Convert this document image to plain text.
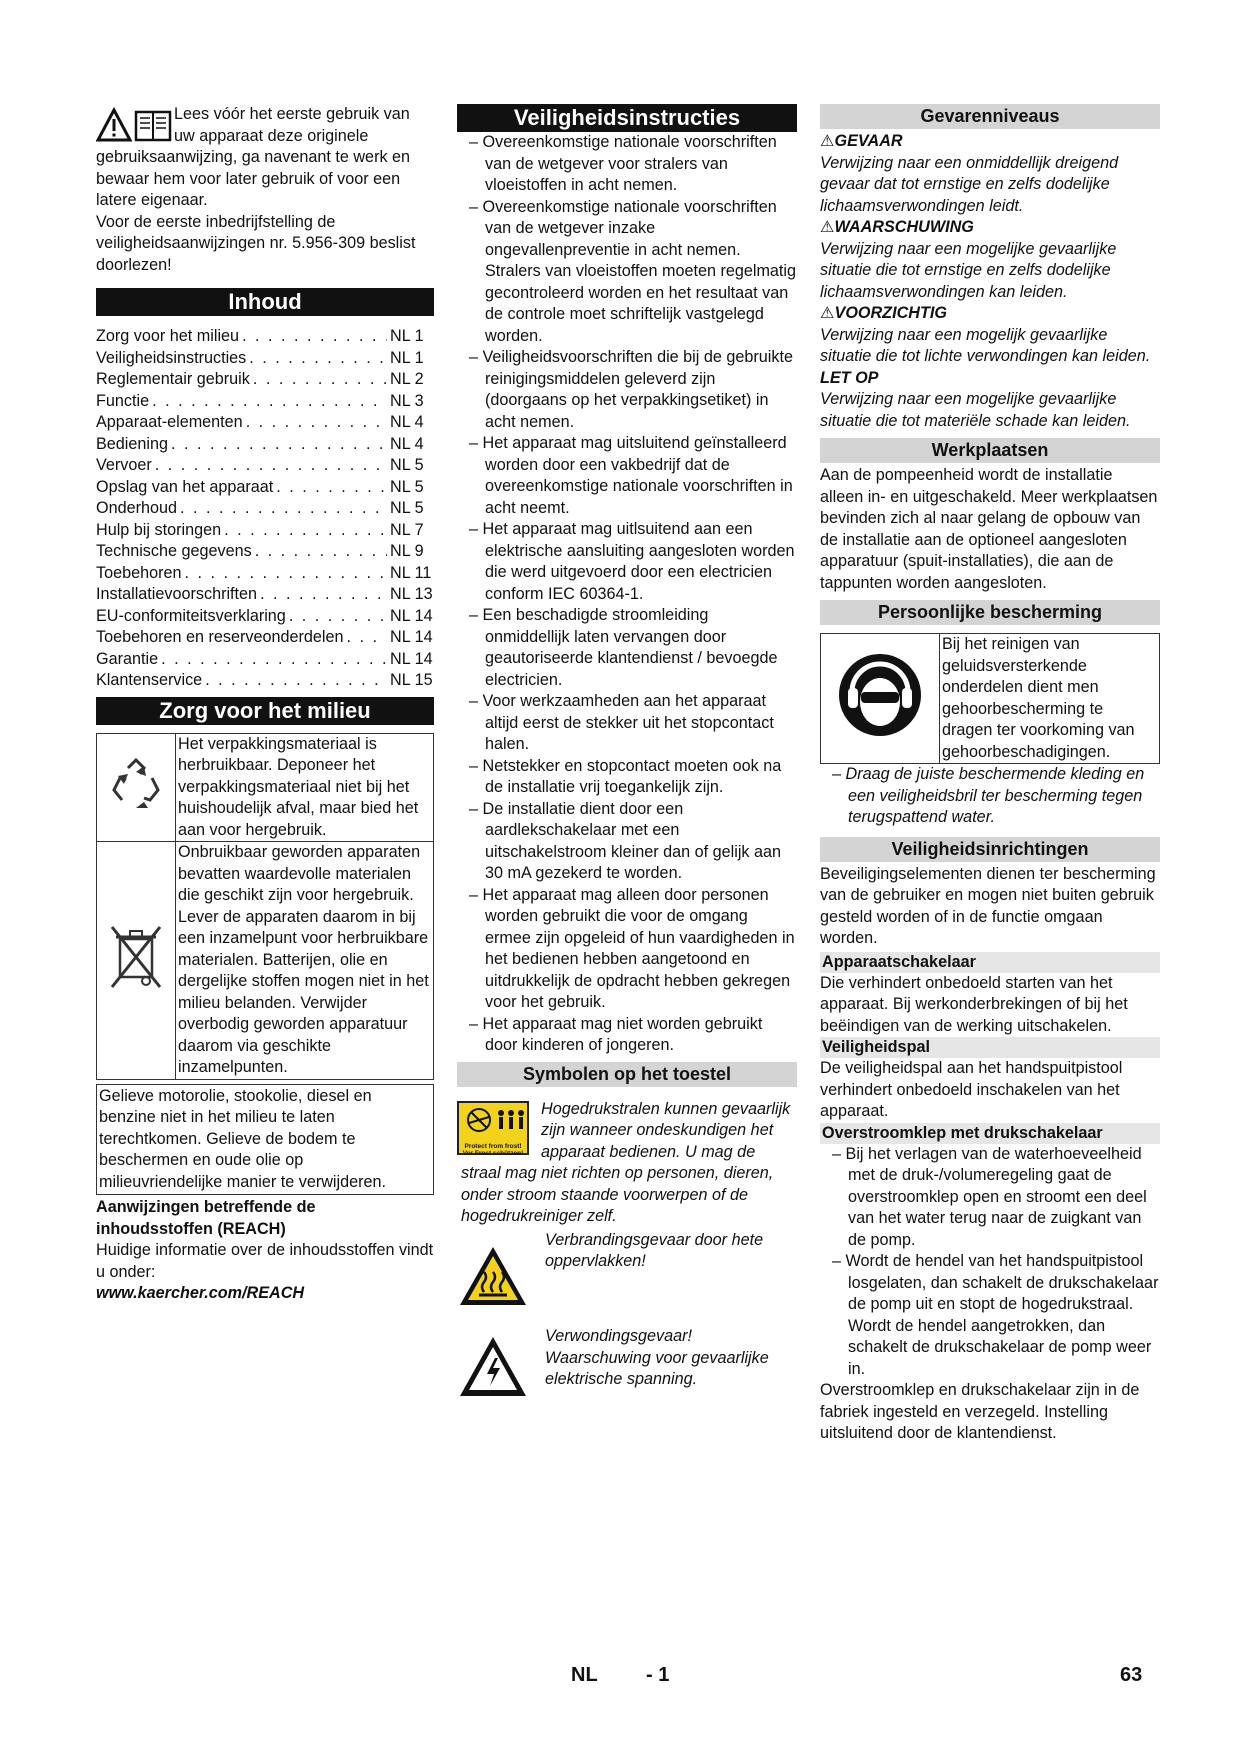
Lees vóór het eerste gebruik van uw apparaat deze originele gebruiksaanwijzing, ga navenant te werk en bewaar hem voor later gebruik of voor een latere eigenaar.

Voor de eerste inbedrijfstelling de veiligheidsaanwijzingen nr. 5.956-309 beslist doorlezen!

Inhoud
Zorg voor het milieu . . .	NL 1
Veiligheidsinstructies . . .	NL 1
Reglementair gebruik . . .	NL 2
Functie . . .	NL 3
Apparaat-elementen . . .	NL 4
Bediening . . .	NL 4
Vervoer . . .	NL 5
Opslag van het apparaat . . .	NL 5
Onderhoud . . .	NL 5
Hulp bij storingen . . .	NL 7
Technische gegevens . . .	NL 9
Toebehoren . . .	NL 11
Installatievoorschriften . . .	NL 13
EU-conformiteitsverklaring . . .	NL 14
Toebehoren en reserveonderdelen . . .	NL 14
Garantie . . .	NL 14
Klantenservice . . .	NL 15
Zorg voor het milieu
	Het verpakkingsmateriaal is herbruikbaar. Deponeer het verpakkingsmateriaal niet bij het huishoudelijk afval, maar bied het aan voor hergebruik.
	Onbruikbaar geworden apparaten bevatten waardevolle materialen die geschikt zijn voor hergebruik. Lever de apparaten daarom in bij een inzamelpunt voor herbruikbare materialen. Batterijen, olie en dergelijke stoffen mogen niet in het milieu belanden. Verwijder overbodig geworden apparatuur daarom via geschikte inzamelpunten.
Gelieve motorolie, stookolie, diesel en benzine niet in het milieu te laten terechtkomen. Gelieve de bodem te beschermen en oude olie op milieuvriendelijke manier te verwijderen.

Aanwijzingen betreffende de inhoudsstoffen (REACH)

Huidige informatie over de inhoudsstoffen vindt u onder:

www.kaercher.com/REACH

Veiligheidsinstructies

– Overeenkomstige nationale voorschriften van de wetgever voor stralers van vloeistoffen in acht nemen.

– Overeenkomstige nationale voorschriften van de wetgever inzake ongevallenpreventie in acht nemen. Stralers van vloeistoffen moeten regelmatig gecontroleerd worden en het resultaat van de controle moet schriftelijk vastgelegd worden.

– Veiligheidsvoorschriften die bij de gebruikte reinigingsmiddelen geleverd zijn (doorgaans op het verpakkingsetiket) in acht nemen.

– Het apparaat mag uitsluitend geïnstalleerd worden door een vakbedrijf dat de overeenkomstige nationale voorschriften in acht neemt.

– Het apparaat mag uitlsuitend aan een elektrische aansluiting aangesloten worden die werd uitgevoerd door een electricien conform IEC 60364-1.

– Een beschadigde stroomleiding onmiddellijk laten vervangen door geautoriseerde klantendienst / bevoegde electricien.

– Voor werkzaamheden aan het apparaat altijd eerst de stekker uit het stopcontact halen.

– Netstekker en stopcontact moeten ook na de installatie vrij toegankelijk zijn.

– De installatie dient door een aardlekschakelaar met een uitschakelstroom kleiner dan of gelijk aan 30 mA gezekerd te worden.

– Het apparaat mag alleen door personen worden gebruikt die voor de omgang ermee zijn opgeleid of hun vaardigheden in het bedienen hebben aangetoond en uitdrukkelijk de opdracht hebben gekregen voor het gebruik.

– Het apparaat mag niet worden gebruikt door kinderen of jongeren.

Symbolen op het toestel
Protect from frost! Vor Frost schützen!

Hogedrukstralen kunnen gevaarlijk zijn wanneer ondeskundigen het apparaat bedienen. U mag de straal mag niet richten op personen, dieren, onder stroom staande voorwerpen of de hogedrukreiniger zelf.

Verbrandingsgevaar door hete oppervlakken!

Verwondingsgevaar! Waarschuwing voor gevaarlijke elektrische spanning.

Gevarenniveaus

⚠GEVAAR

Verwijzing naar een onmiddellijk dreigend gevaar dat tot ernstige en zelfs dodelijke lichaamsverwondingen leidt.

⚠WAARSCHUWING

Verwijzing naar een mogelijke gevaarlijke situatie die tot ernstige en zelfs dodelijke lichaamsverwondingen kan leiden.

⚠VOORZICHTIG

Verwijzing naar een mogelijk gevaarlijke situatie die tot lichte verwondingen kan leiden.

LET OP

Verwijzing naar een mogelijke gevaarlijke situatie die tot materiële schade kan leiden.

Werkplaatsen

Aan de pompeenheid wordt de installatie alleen in- en uitgeschakeld. Meer werkplaatsen bevinden zich al naar gelang de opbouw van de installatie aan de optioneel aangesloten apparatuur (spuit-installaties), die aan de tappunten worden aangesloten.

Persoonlijke bescherming
	Bij het reinigen van geluidsversterkende onderdelen dient men gehoorbescherming te dragen ter voorkoming van gehoorbeschadigingen.

– Draag de juiste beschermende kleding en een veiligheidsbril ter bescherming tegen terugspattend water.

Veiligheidsinrichtingen

Beveiligingselementen dienen ter bescherming van de gebruiker en mogen niet buiten gebruik gesteld worden of in de functie omgaan worden.

Apparaatschakelaar

Die verhindert onbedoeld starten van het apparaat. Bij werkonderbrekingen of bij het beëindigen van de werking uitschakelen.

Veiligheidspal

De veiligheidspal aan het handspuitpistool verhindert onbedoeld inschakelen van het apparaat.

Overstroomklep met drukschakelaar

– Bij het verlagen van de waterhoeveelheid met de druk-/volumeregeling gaat de overstroomklep open en stroomt een deel van het water terug naar de zuigkant van de pomp.

– Wordt de hendel van het handspuitpistool losgelaten, dan schakelt de drukschakelaar de pomp uit en stopt de hogedrukstraal. Wordt de hendel aangetrokken, dan schakelt de drukschakelaar de pomp weer in.

Overstroomklep en drukschakelaar zijn in de fabriek ingesteld en verzegeld. Instelling uitsluitend door de klantendienst.

NL - 1	63
